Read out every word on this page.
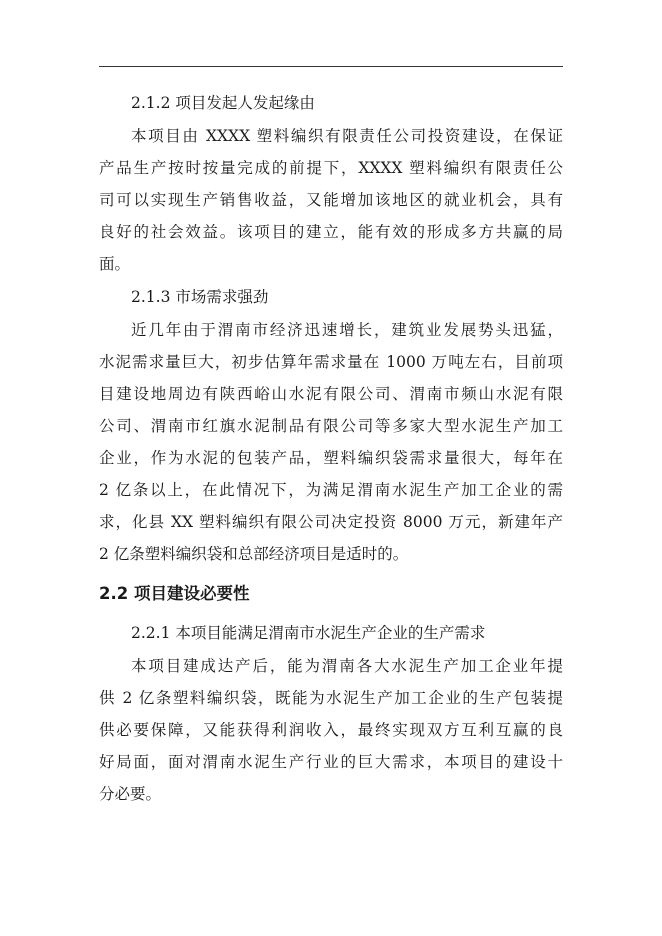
2.1.2 项目发起人发起缘由

本项目由 XXXX 塑料编织有限责任公司投资建设，在保证
产品生产按时按量完成的前提下，XXXX 塑料编织有限责任公
司可以实现生产销售收益，又能增加该地区的就业机会，具有
良好的社会效益。该项目的建立，能有效的形成多方共赢的局
面。

2.1.3 市场需求强劲

近几年由于渭南市经济迅速增长，建筑业发展势头迅猛，
水泥需求量巨大，初步估算年需求量在 1000 万吨左右，目前项
目建设地周边有陕西峪山水泥有限公司、渭南市频山水泥有限
公司、渭南市红旗水泥制品有限公司等多家大型水泥生产加工
企业，作为水泥的包装产品，塑料编织袋需求量很大，每年在
2 亿条以上，在此情况下，为满足渭南水泥生产加工企业的需
求，化县 XX 塑料编织有限公司决定投资 8000 万元，新建年产
2 亿条塑料编织袋和总部经济项目是适时的。

2.2 项目建设必要性
2.2.1 本项目能满足渭南市水泥生产企业的生产需求

本项目建成达产后，能为渭南各大水泥生产加工企业年提
供 2 亿条塑料编织袋，既能为水泥生产加工企业的生产包装提
供必要保障，又能获得利润收入，最终实现双方互利互赢的良
好局面，面对渭南水泥生产行业的巨大需求，本项目的建设十
分必要。
